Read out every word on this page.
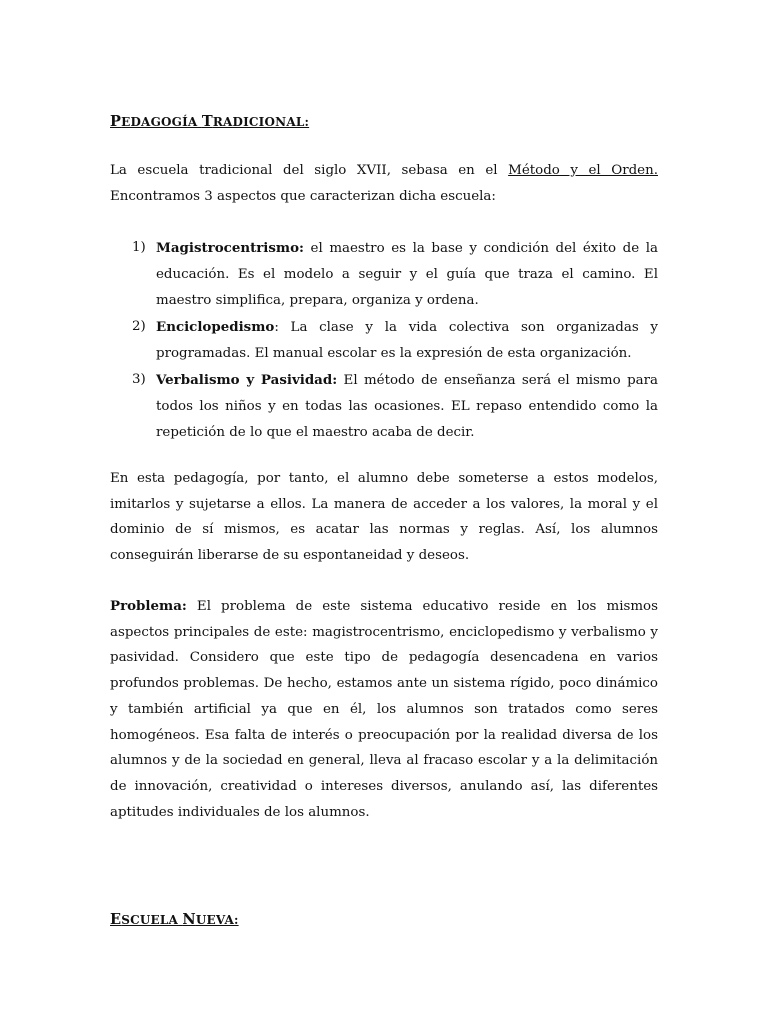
PEDAGOGÍA TRADICIONAL:

La escuela tradicional del siglo XVII, sebasa en el Método y el Orden. Encontramos 3 aspectos que caracterizan dicha escuela:

1) Magistrocentrismo: el maestro es la base y condición del éxito de la educación. Es el modelo a seguir y el guía que traza el camino. El maestro simplifica, prepara, organiza y ordena.
2) Enciclopedismo: La clase y la vida colectiva son organizadas y programadas. El manual escolar es la expresión de esta organización.
3) Verbalismo y Pasividad: El método de enseñanza será el mismo para todos los niños y en todas las ocasiones. EL repaso entendido como la repetición de lo que el maestro acaba de decir.

En esta pedagogía, por tanto, el alumno debe someterse a estos modelos, imitarlos y sujetarse a ellos. La manera de acceder a los valores, la moral y el dominio de sí mismos, es acatar las normas y reglas. Así, los alumnos conseguirán liberarse de su espontaneidad y deseos.

Problema: El problema de este sistema educativo reside en los mismos aspectos principales de este: magistrocentrismo, enciclopedismo y verbalismo y pasividad. Considero que este tipo de pedagogía desencadena en varios profundos problemas. De hecho, estamos ante un sistema rígido, poco dinámico y también artificial ya que en él, los alumnos son tratados como seres homogéneos. Esa falta de interés o preocupación por la realidad diversa de los alumnos y de la sociedad en general, lleva al fracaso escolar y a la delimitación de innovación, creatividad o intereses diversos, anulando así, las diferentes aptitudes individuales de los alumnos.

ESCUELA NUEVA:
